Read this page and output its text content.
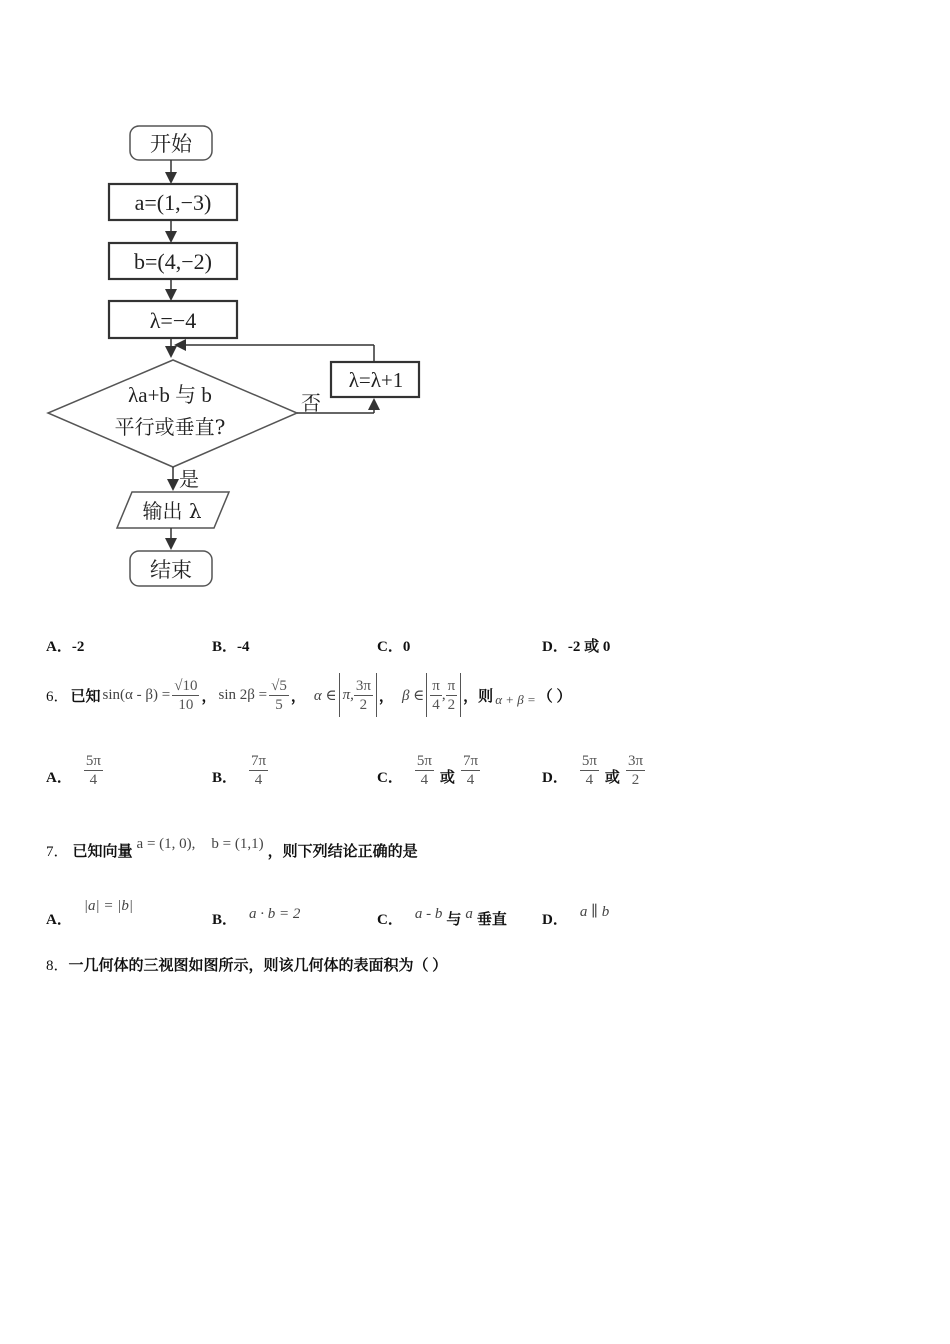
开始
a=(1,−3)
b=(4,−2)
λ=−4
λa+b 与 b
平行或垂直?
否
λ=λ+1
是
输出 λ
结束
A．-2	B．-4	C．0	D．-2 或 0
6． 已知 $\sin(\alpha - \beta) = \frac{√10}{10}$ ， $\sin 2\beta = \frac{√5}{5}$ ， α ∈ π, $\frac{3\pi}{2}$ ， β ∈ $\frac{\pi}{4}$ , $\frac{\pi}{2}$ ，则 α + β = （ ）
A． $\frac{5\pi}{4}$	B． $\frac{7\pi}{4}$	C． $\frac{5\pi}{4}$ 或 $\frac{7\pi}{4}$	D． $\frac{5\pi}{4}$ 或 $\frac{3\pi}{2}$
7． 已知向量 a = (1, 0), b = (1,1) ，则下列结论正确的是
A．
|a| = |b|
B． a · b = 2	C． a - b 与 a 垂直 D． a ∥ b
8．一几何体的三视图如图所示，则该几何体的表面积为（ ）
